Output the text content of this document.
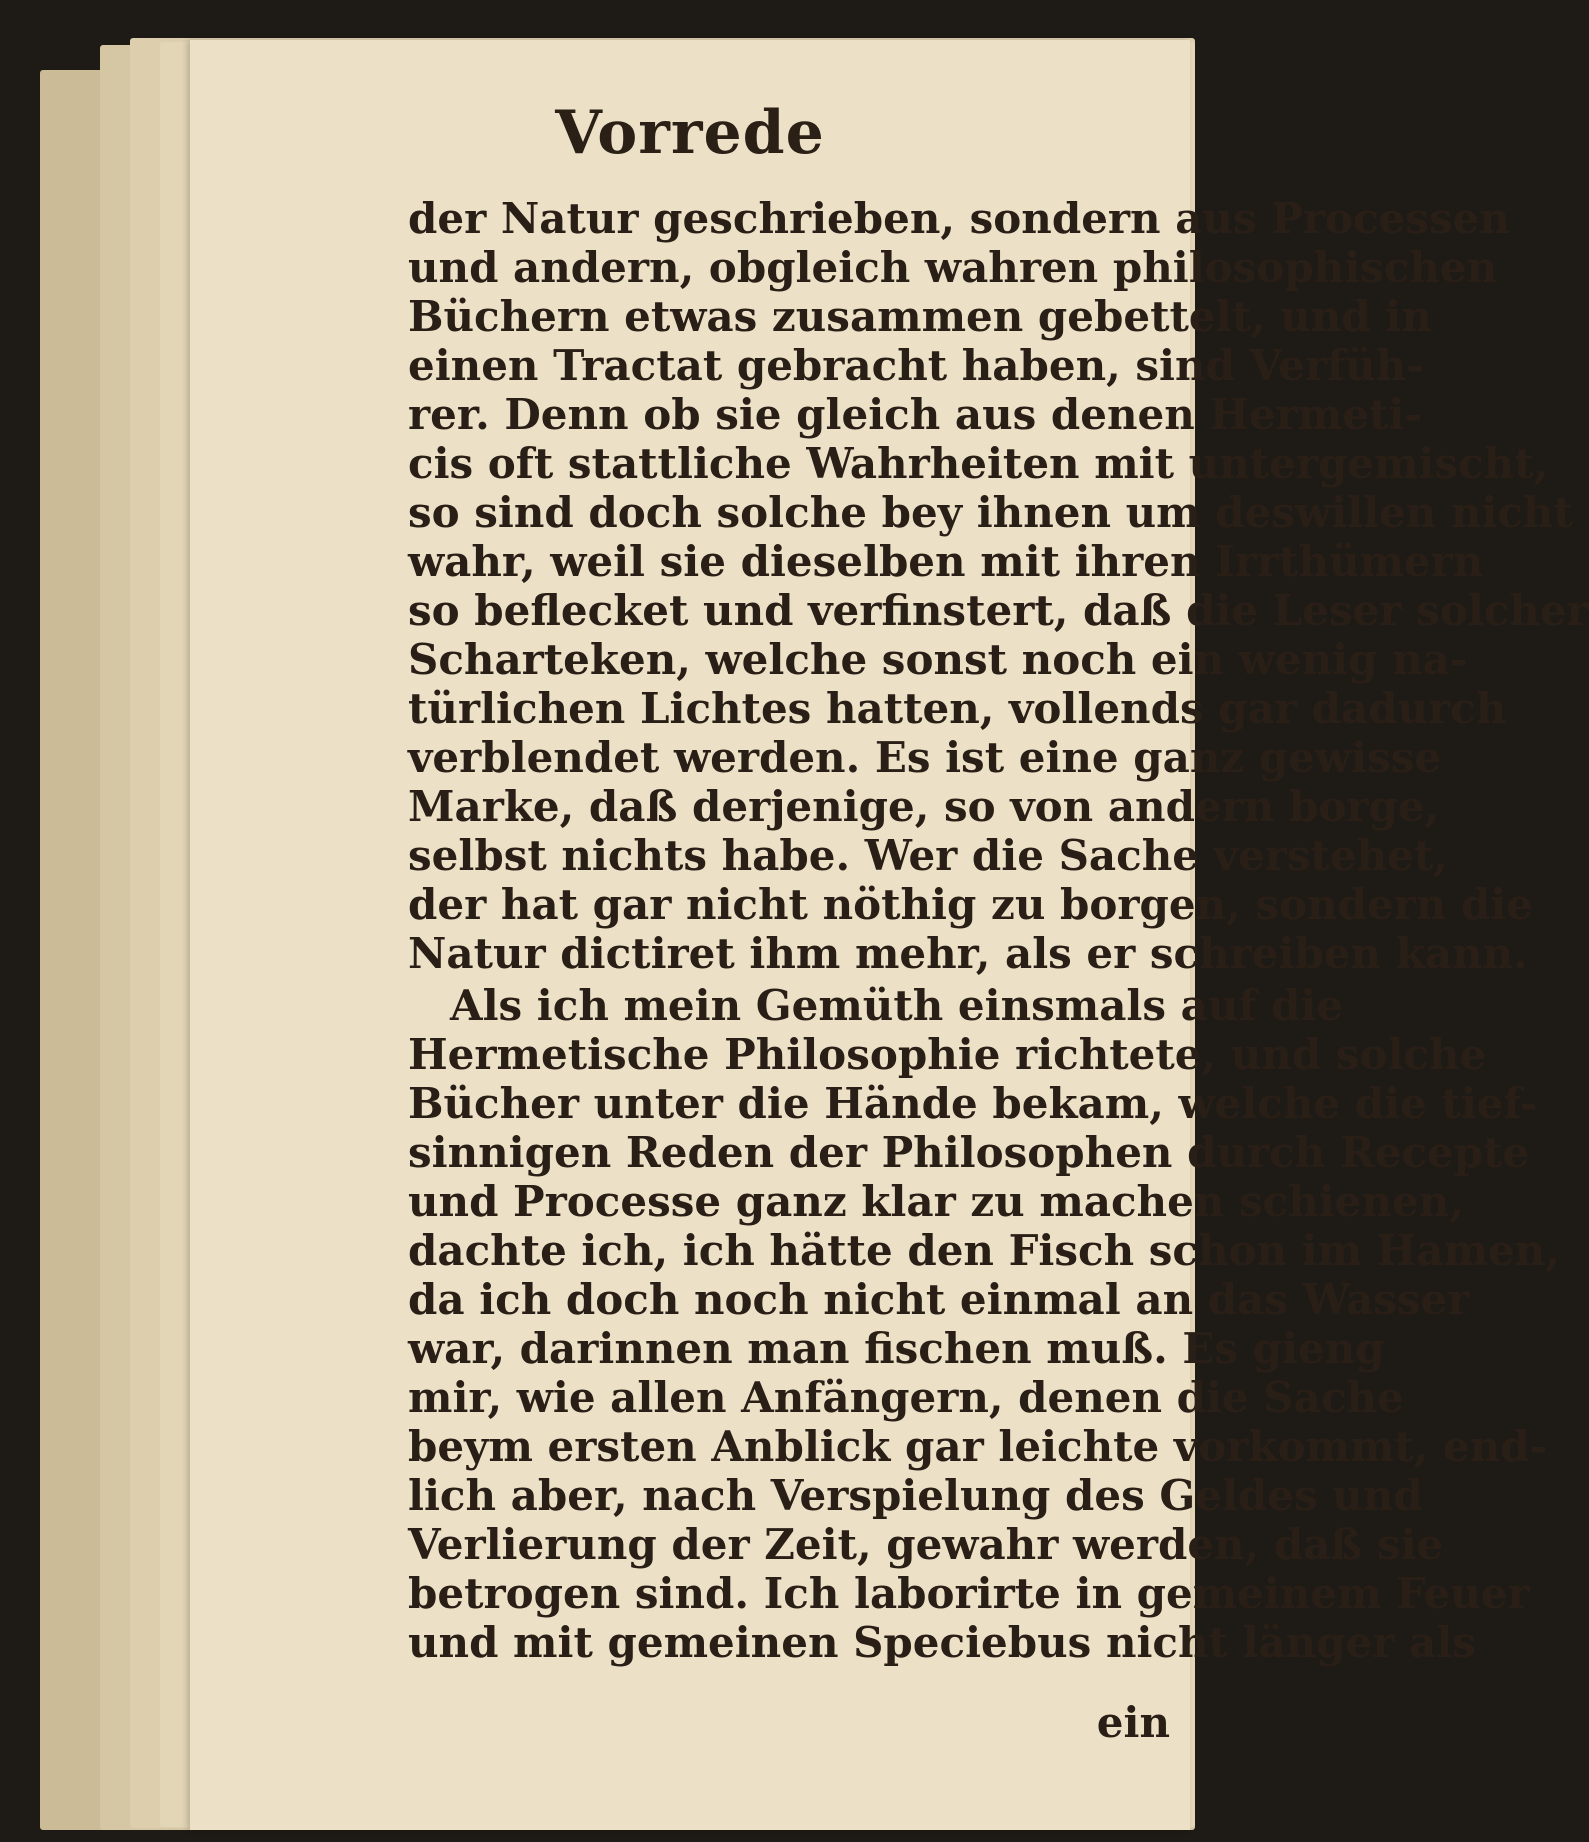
Vorrede
der Natur geschrieben, sondern aus Processen
und andern, obgleich wahren philosophischen
Büchern etwas zusammen gebettelt, und in
einen Tractat gebracht haben, sind Verfüh-
rer. Denn ob sie gleich aus denen Hermeti-
cis oft stattliche Wahrheiten mit untergemischt,
so sind doch solche bey ihnen um deswillen nicht
wahr, weil sie dieselben mit ihren Irrthümern
so beflecket und verfinstert, daß die Leser solcher
Scharteken, welche sonst noch ein wenig na-
türlichen Lichtes hatten, vollends gar dadurch
verblendet werden. Es ist eine ganz gewisse
Marke, daß derjenige, so von andern borge,
selbst nichts habe. Wer die Sache verstehet,
der hat gar nicht nöthig zu borgen, sondern die
Natur dictiret ihm mehr, als er schreiben kann.
Als ich mein Gemüth einsmals auf die
Hermetische Philosophie richtete, und solche
Bücher unter die Hände bekam, welche die tief-
sinnigen Reden der Philosophen durch Recepte
und Processe ganz klar zu machen schienen,
dachte ich, ich hätte den Fisch schon im Hamen,
da ich doch noch nicht einmal an das Wasser
war, darinnen man fischen muß. Es gieng
mir, wie allen Anfängern, denen die Sache
beym ersten Anblick gar leichte vorkommt, end-
lich aber, nach Verspielung des Geldes und
Verlierung der Zeit, gewahr werden, daß sie
betrogen sind. Ich laborirte in gemeinem Feuer
und mit gemeinen Speciebus nicht länger als
ein
